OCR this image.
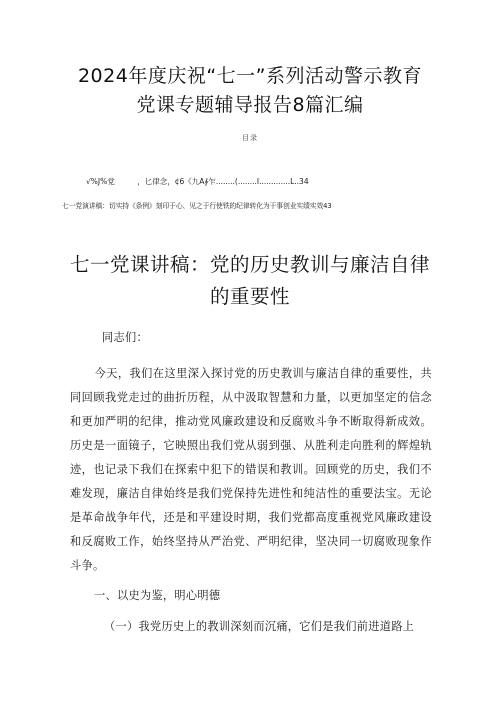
2024年度庆祝“七一”系列活动警示教育
党课专题辅导报告8篇汇编
目录
√%J%党　　　，匕律念，¢6《九A∮乍........(........I.............L..34
七一党演讲稿：切实持《条例》刻印于心、见之于行使铁的纪律转化为干事创业实绩实效43
七一党课讲稿：党的历史教训与廉洁自律
的重要性
同志们：
今天，我们在这里深入探讨党的历史教训与廉洁自律的重要性，共同回顾我党走过的曲折历程，从中汲取智慧和力量，以更加坚定的信念和更加严明的纪律，推动党风廉政建设和反腐败斗争不断取得新成效。历史是一面镜子，它映照出我们党从弱到强、从胜利走向胜利的辉煌轨迹，也记录下我们在探索中犯下的错误和教训。回顾党的历史，我们不难发现，廉洁自律始终是我们党保持先进性和纯洁性的重要法宝。无论是革命战争年代，还是和平建设时期，我们党都高度重视党风廉政建设和反腐败工作，始终坚持从严治党、严明纪律，坚决同一切腐败现象作斗争。
一、以史为鉴，明心明德
（一）我党历史上的教训深刻而沉痛，它们是我们前进道路上
